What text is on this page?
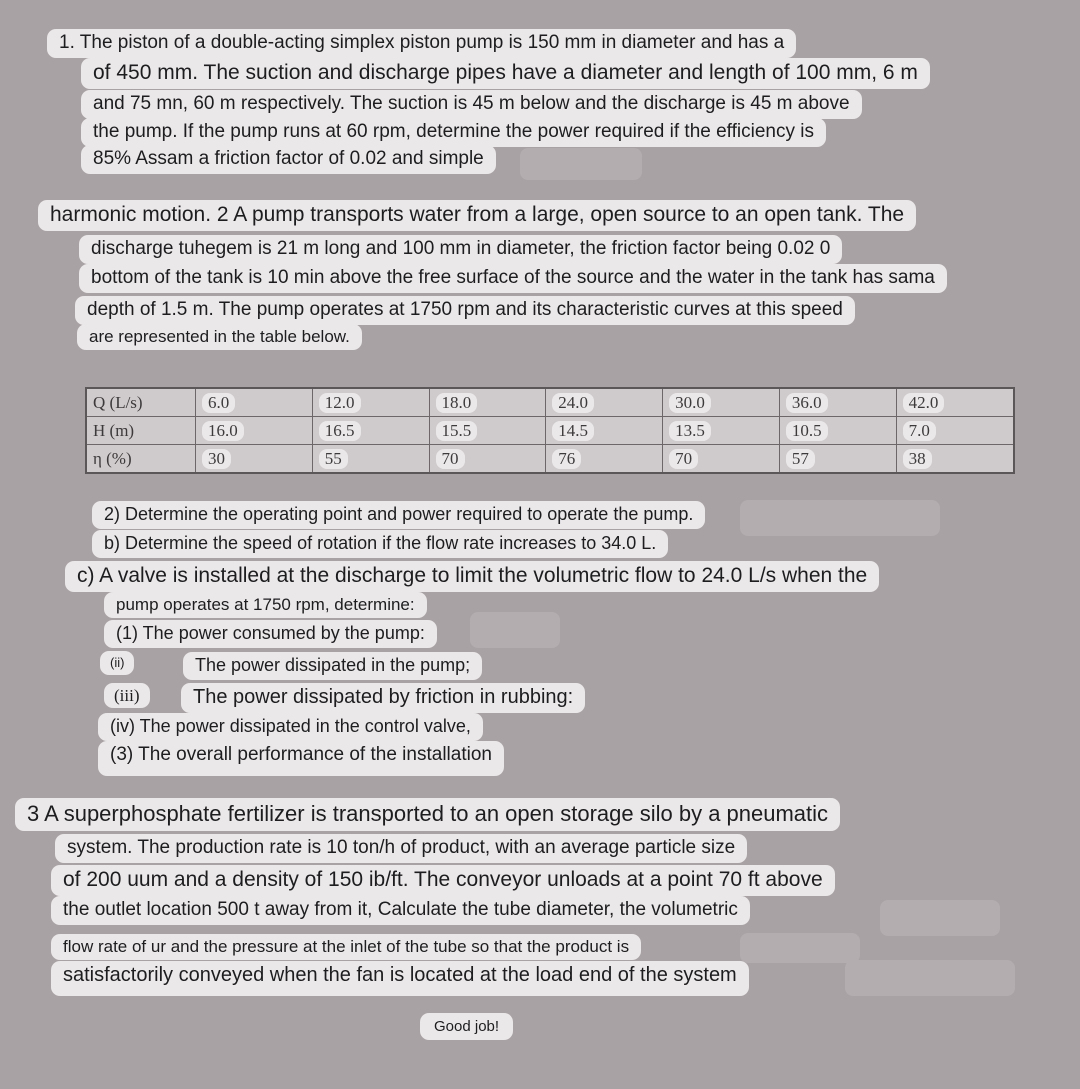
1. The piston of a double-acting simplex piston pump is 150 mm in diameter and has a
of 450 mm. The suction and discharge pipes have a diameter and length of 100 mm, 6 m
and 75 mn, 60 m respectively. The suction is 45 m below and the discharge is 45 m above
the pump. If the pump runs at 60 rpm, determine the power required if the efficiency is
85% Assam a friction factor of 0.02 and simple
harmonic motion. 2 A pump transports water from a large, open source to an open tank. The
discharge tuhegem is 21 m long and 100 mm in diameter, the friction factor being 0.02 0
bottom of the tank is 10 min above the free surface of the source and the water in the tank has sama
depth of 1.5 m. The pump operates at 1750 rpm and its characteristic curves at this speed
are represented in the table below.
Q (L/s)	6.0	12.0	18.0	24.0	30.0	36.0	42.0
H (m)	16.0	16.5	15.5	14.5	13.5	10.5	7.0
η (%)	30	55	70	76	70	57	38
2) Determine the operating point and power required to operate the pump.
b) Determine the speed of rotation if the flow rate increases to 34.0 L.
c) A valve is installed at the discharge to limit the volumetric flow to 24.0 L/s when the
pump operates at 1750 rpm, determine:
(1) The power consumed by the pump:
(ii)	The power dissipated in the pump;
(iii)	The power dissipated by friction in rubbing:
(iv) The power dissipated in the control valve,
(3) The overall performance of the installation
3 A superphosphate fertilizer is transported to an open storage silo by a pneumatic
system. The production rate is 10 ton/h of product, with an average particle size
of 200 uum and a density of 150 ib/ft. The conveyor unloads at a point 70 ft above
the outlet location 500 t away from it, Calculate the tube diameter, the volumetric
flow rate of ur and the pressure at the inlet of the tube so that the product is
satisfactorily conveyed when the fan is located at the load end of the system
Good job!
